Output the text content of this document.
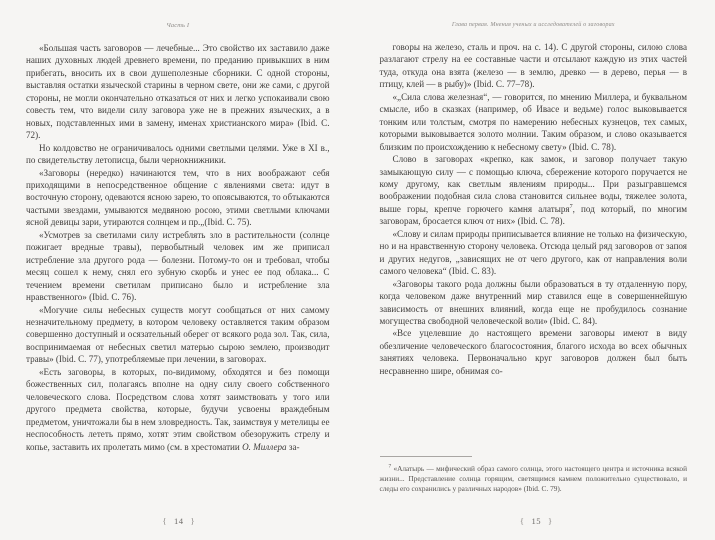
Часть I

«Большая часть заговоров — лечебные... Это свойство их заставило даже наших духовных людей древнего времени, по преданию привыкших в ним прибегать, вносить их в свои душеполезные сборники. С одной стороны, выставляя остатки языческой старины в черном свете, они же сами, с другой стороны, не могли окончательно отказаться от них и легко успокаивали свою совесть тем, что видели силу заговора уже не в прежних языческих, а в новых, подставленных ими в замену, именах христианского мира» (Ibid. С. 72).

Но колдовство не ограничивалось одними светлыми целями. Уже в XI в., по свидетельству летописца, были чернокнижники.

«Заговоры (нередко) начинаются тем, что в них воображают себя приходящими в непосредственное общение с явлениями света: идут в восточную сторону, одеваются ясною зарею, то опоясываются, то обтыкаются частыми звездами, умываются медвяною росою, этими светлыми ключами ясной девицы зари, утираются солнцем и пр.„(Ibid. С. 75).

«Усмотрев за светилами силу истреблять зло в растительности (солнце пожигает вредные травы), первобытный человек им же приписал истребление зла другого рода — болезни. Потому-то он и требовал, чтобы месяц сошел к нему, снял его зубную скорбь и унес ее под облака... С течением времени светилам приписано было и истребление зла нравственного» (Ibid. С. 76).

«Могучие силы небесных существ могут сообщаться от них самому незначительному предмету, в котором человеку оставляется таким образом совершенно доступный и осязательный оберег от всякого рода зол. Так, сила, воспринимаемая от небесных светил матерью сырою землею, производит травы» (Ibid. С. 77), употребляемые при лечении, в заговорах.

«Есть заговоры, в которых, по-видимому, обходятся и без помощи божественных сил, полагаясь вполне на одну силу своего собственного человеческого слова. Посредством слова хотят заимствовать у того или другого предмета свойства, которые, будучи усвоены враждебным предметом, уничтожали бы в нем зловредность. Так, заимствуя у метелицы ее неспособность лететь прямо, хотят этим свойством обезоружить стрелу и копье, заставить их пролетать мимо (см. в хрестоматии О. Миллера за-

{ 14 }
Глава первая. Мнения ученых и исследователей о заговорах

говоры на железо, сталь и проч. на с. 14). С другой стороны, силою слова разлагают стрелу на ее составные части и отсылают каждую из этих частей туда, откуда она взята (железо — в землю, древко — в дерево, перья — в птицу, клей — в рыбу)» (Ibid. С. 77–78).

«„Сила слова железная“, — говорится, по мнению Миллера, и буквальном смысле, ибо в сказках (например, об Ивасе и ведьме) голос выковывается тонким или толстым, смотря по намерению небесных кузнецов, тех самых, которыми выковывается золото молнии. Таким образом, и слово оказывается близким по происхождению к небесному свету» (Ibid. С. 78).

Слово в заговорах «крепко, как замок, и заговор получает такую замыкающую силу — с помощью ключа, сбережение которого поручается не кому другому, как светлым явлениям природы... При разыгравшемся воображении подобная сила слова становится сильнее воды, тяжелее золота, выше горы, крепче горючего камня алатыря$^7$, под который, по многим заговорам, бросается ключ от них» (Ibid. С. 78).

«Слову и силам природы приписывается влияние не только на физическую, но и на нравственную сторону человека. Отсюда целый ряд заговоров от запоя и других недугов, „зависящих не от чего другого, как от направления воли самого человека“ (Ibid. С. 83).

«Заговоры такого рода должны были образоваться в ту отдаленную пору, когда человеком даже внутренний мир ставился еще в совершеннейшую зависимость от внешних влияний, когда еще не пробудилось сознание могущества свободной человеческой воли» (Ibid. С. 84).

«Все уцелевшие до настоящего времени заговоры имеют в виду обезличение человеческого благосостояния, благого исхода во всех обычных занятиях человека. Первоначально круг заговоров должен был быть несравненно шире, обнимая со-

$^7$ «Алатырь — мифический образ самого солнца, этого настоящего центра и источника всякой жизни... Представление солнца горящим, светящимся камнем положительно существовало, и следы его сохранились у различных народов» (Ibid. С. 79).

{ 15 }
